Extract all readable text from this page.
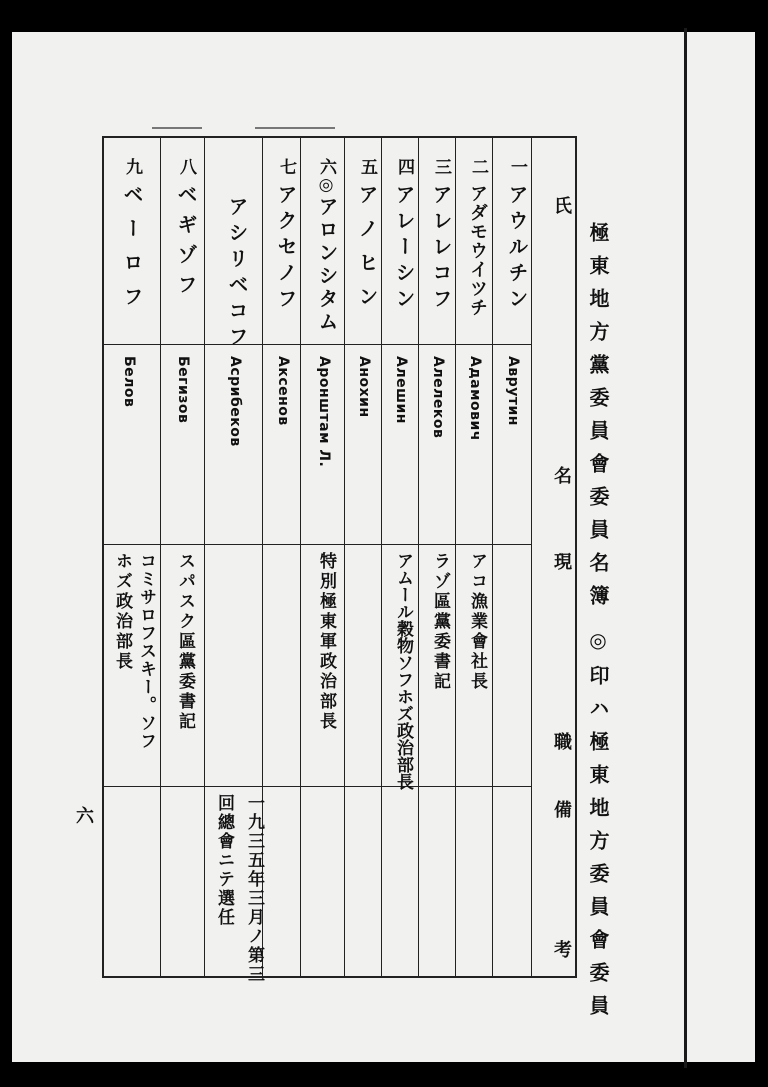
極東地方黨委員會委員名簿
◎印ハ極東地方委員會委員
氏
名
現
職
備
考
一
アウルチン
Аврутин
二
アダモウイツチ
Адамович
アコ漁業會社長
三
アレレコフ
Алелеков
ラゾ區黨委書記
四
アレーシン
Алешин
アムール穀物ソフホズ政治部長
五
アノヒン
Анохин
六◎
アロンシタム
Аронштам Л.
特別極東軍政治部長
七
アクセノフ
Аксенов
一九三五年三月ノ第三
アシリベコフ
Асрибеков
回總會ニテ選任
八
ベギゾフ
Бегизов
スパスク區黨委書記
九
ベーロフ
Белов
コミサロフスキー。ソフ
ホズ政治部長
六
